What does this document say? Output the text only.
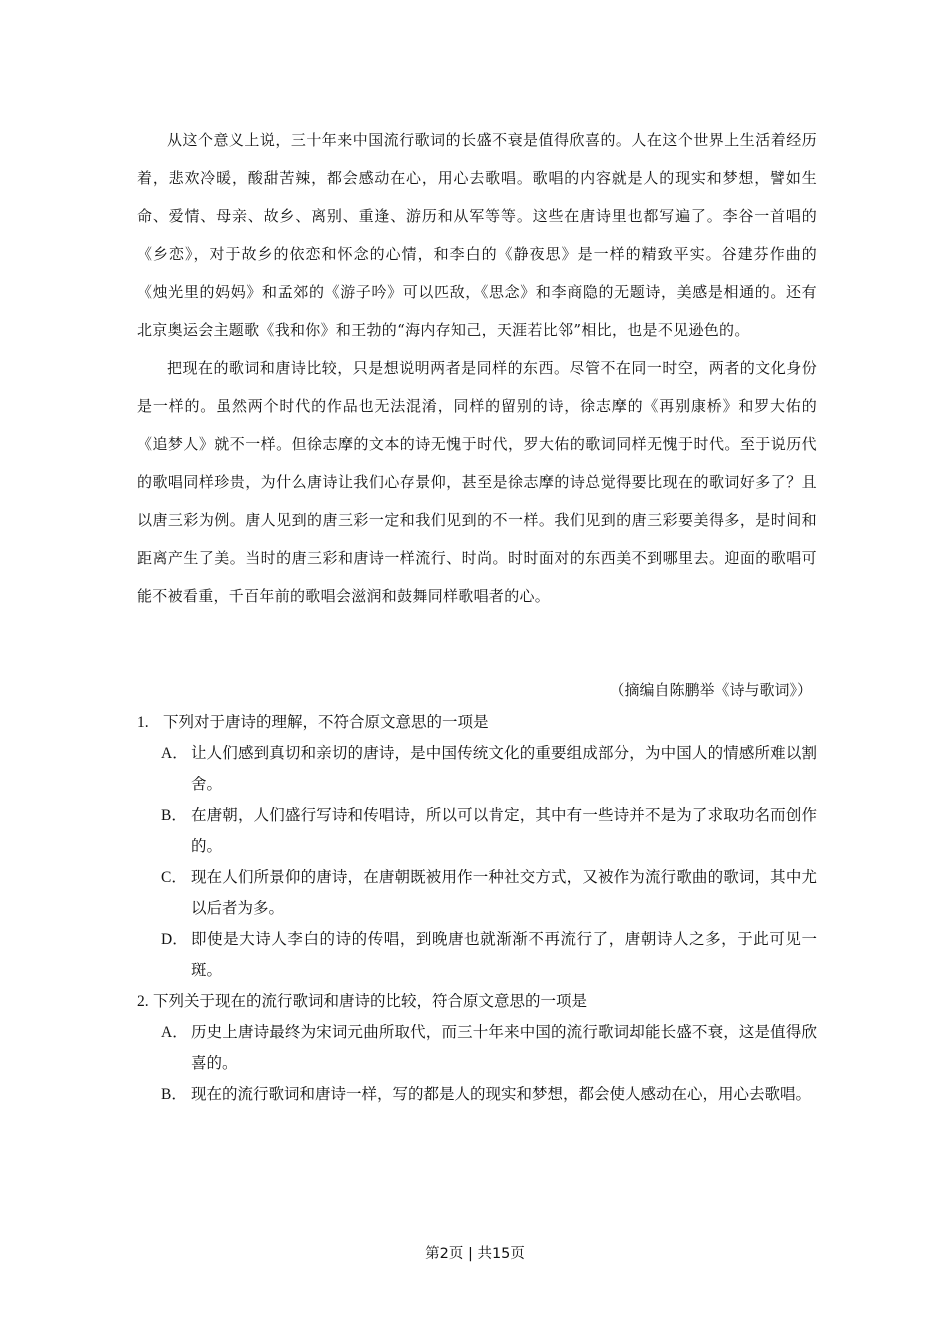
从这个意义上说，三十年来中国流行歌词的长盛不衰是值得欣喜的。人在这个世界上生活着经历着，悲欢冷暖，酸甜苦辣，都会感动在心，用心去歌唱。歌唱的内容就是人的现实和梦想，譬如生命、爱情、母亲、故乡、离别、重逢、游历和从军等等。这些在唐诗里也都写遍了。李谷一首唱的《乡恋》，对于故乡的依恋和怀念的心情，和李白的《静夜思》是一样的精致平实。谷建芬作曲的《烛光里的妈妈》和孟郊的《游子吟》可以匹敌，《思念》和李商隐的无题诗，美感是相通的。还有北京奥运会主题歌《我和你》和王勃的“海内存知己，天涯若比邻”相比，也是不见逊色的。

把现在的歌词和唐诗比较，只是想说明两者是同样的东西。尽管不在同一时空，两者的文化身份是一样的。虽然两个时代的作品也无法混淆，同样的留别的诗，徐志摩的《再别康桥》和罗大佑的《追梦人》就不一样。但徐志摩的文本的诗无愧于时代，罗大佑的歌词同样无愧于时代。至于说历代的歌唱同样珍贵，为什么唐诗让我们心存景仰，甚至是徐志摩的诗总觉得要比现在的歌词好多了？且以唐三彩为例。唐人见到的唐三彩一定和我们见到的不一样。我们见到的唐三彩要美得多，是时间和距离产生了美。当时的唐三彩和唐诗一样流行、时尚。时时面对的东西美不到哪里去。迎面的歌唱可能不被看重，千百年前的歌唱会滋润和鼓舞同样歌唱者的心。

（摘编自陈鹏举《诗与歌词》）

1. 下列对于唐诗的理解，不符合原文意思的一项是

A． 让人们感到真切和亲切的唐诗，是中国传统文化的重要组成部分，为中国人的情感所难以割舍。

B． 在唐朝，人们盛行写诗和传唱诗，所以可以肯定，其中有一些诗并不是为了求取功名而创作的。

C． 现在人们所景仰的唐诗，在唐朝既被用作一种社交方式，又被作为流行歌曲的歌词，其中尤以后者为多。

D． 即使是大诗人李白的诗的传唱，到晚唐也就渐渐不再流行了，唐朝诗人之多，于此可见一斑。

2. 下列关于现在的流行歌词和唐诗的比较，符合原文意思的一项是

A． 历史上唐诗最终为宋词元曲所取代，而三十年来中国的流行歌词却能长盛不衰，这是值得欣喜的。

B． 现在的流行歌词和唐诗一样，写的都是人的现实和梦想，都会使人感动在心，用心去歌唱。

第2页 | 共15页
